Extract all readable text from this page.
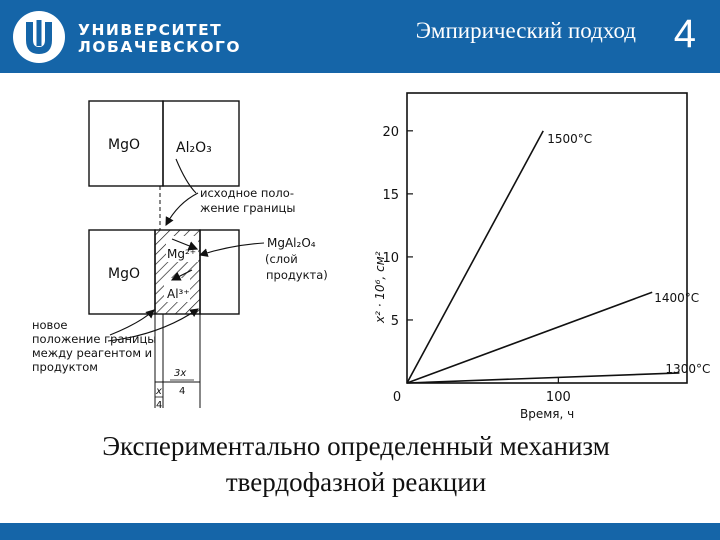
УНИВЕРСИТЕТ
ЛОБАЧЕВСКОГО
Эмпирический подход 4
MgO	Al₂O₃
MgO
Mg²⁺
Al³⁺
исходное поло-
жение границы
MgAl₂O₄
(слой
продукта)
новое
положение границы
между реагентом и
продуктом
x
4
3x
4
x² · 10⁶, см²
Время, ч
5
10
15
20
0	100
1500°C
1400°C
1300°C
Экспериментально определенный механизм
твердофазной реакции
